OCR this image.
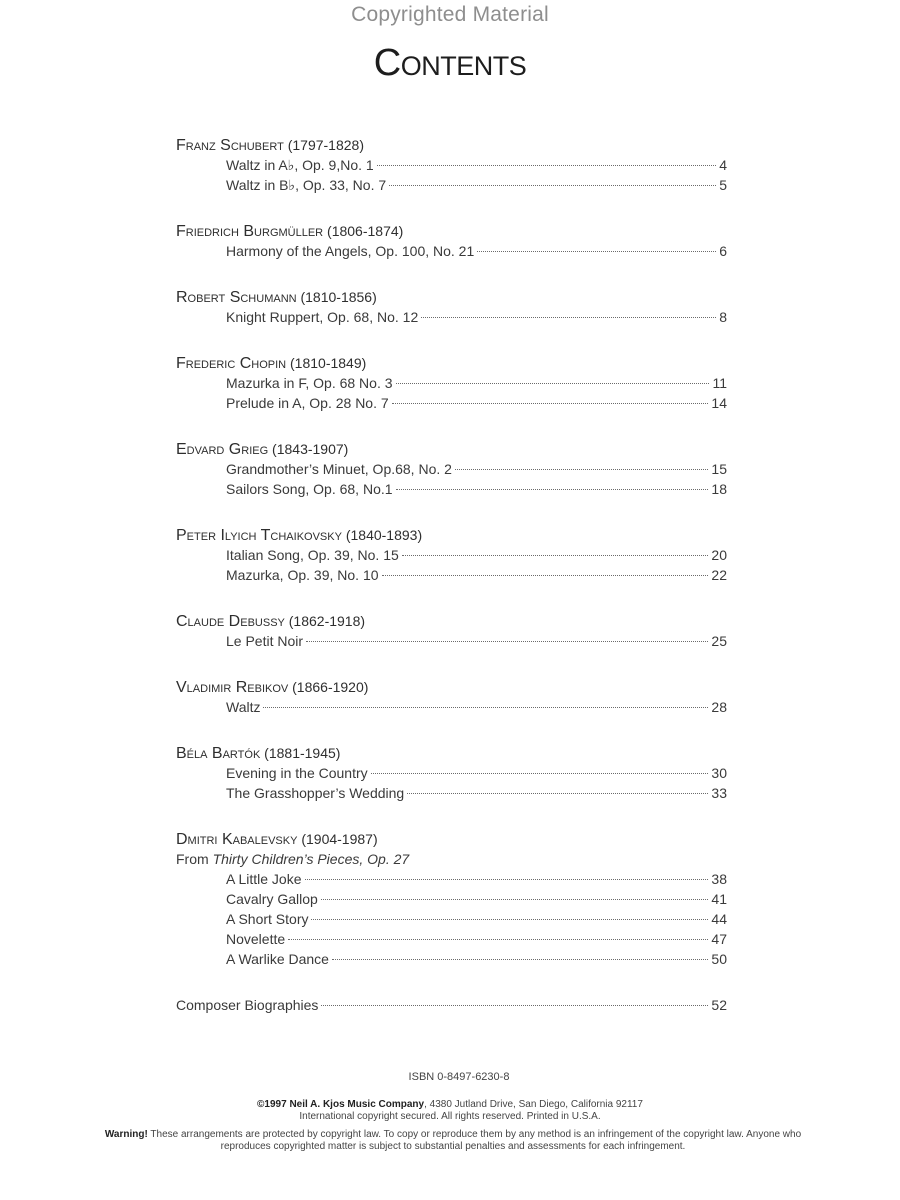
Copyrighted Material
Contents
Franz Schubert (1797-1828)
Waltz in A♭, Op. 9,No. 1	4
Waltz in B♭, Op. 33, No. 7	5
Friedrich Burgmüller (1806-1874)
Harmony of the Angels, Op. 100, No. 21	6
Robert Schumann (1810-1856)
Knight Ruppert, Op. 68, No. 12	8
Frederic Chopin (1810-1849)
Mazurka in F, Op. 68 No. 3	11
Prelude in A, Op. 28 No. 7	14
Edvard Grieg (1843-1907)
Grandmother’s Minuet, Op.68, No. 2	15
Sailors Song, Op. 68, No.1	18
Peter Ilyich Tchaikovsky (1840-1893)
Italian Song, Op. 39, No. 15	20
Mazurka, Op. 39, No. 10	22
Claude Debussy (1862-1918)
Le Petit Noir	25
Vladimir Rebikov (1866-1920)
Waltz	28
Béla Bartók (1881-1945)
Evening in the Country	30
The Grasshopper’s Wedding	33
Dmitri Kabalevsky (1904-1987)
From Thirty Children’s Pieces, Op. 27
A Little Joke	38
Cavalry Gallop	41
A Short Story	44
Novelette	47
A Warlike Dance	50
Composer Biographies	52
ISBN 0-8497-6230-8
©1997 Neil A. Kjos Music Company, 4380 Jutland Drive, San Diego, California 92117
International copyright secured. All rights reserved. Printed in U.S.A.
Warning! These arrangements are protected by copyright law. To copy or reproduce them by any method is an infringement of the copyright law. Anyone who reproduces copyrighted matter is subject to substantial penalties and assessments for each infringement.
